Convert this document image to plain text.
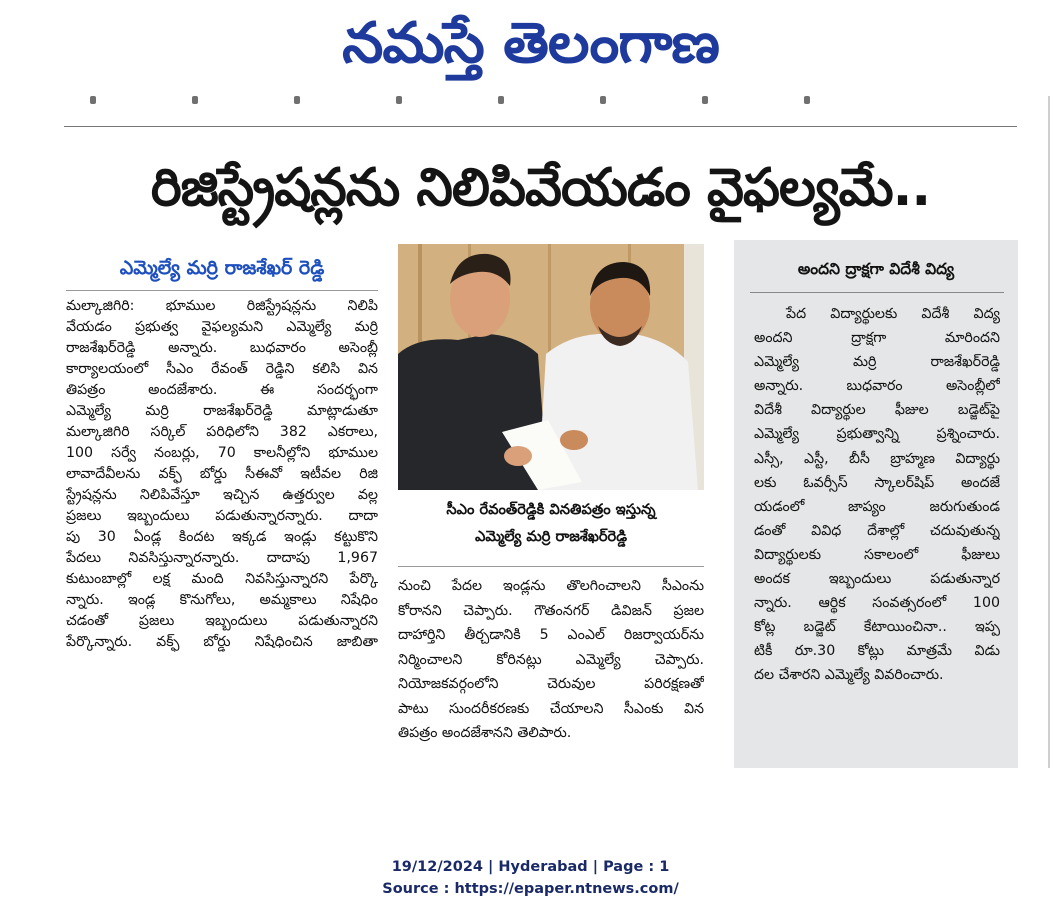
నమస్తే తెలంగాణ
రిజిస్ట్రేషన్లను నిలిపివేయడం వైఫల్యమే..
ఎమ్మెల్యే మర్రి రాజశేఖర్ రెడ్డి
మల్కాజిగిరి: భూముల రిజిస్ట్రేషన్లను నిలిపి
వేయడం ప్రభుత్వ వైఫల్యమని ఎమ్మెల్యే మర్రి
రాజశేఖర్‌రెడ్డి అన్నారు. బుధవారం అసెంబ్లీ
కార్యాలయంలో సీఎం రేవంత్ రెడ్డిని కలిసి విన
తిపత్రం అందజేశారు. ఈ సందర్భంగా
ఎమ్మెల్యే మర్రి రాజశేఖర్‌రెడ్డి మాట్లాడుతూ
మల్కాజిగిరి సర్కిల్ పరిధిలోని 382 ఎకరాలు,
100 సర్వే నంబర్లు, 70 కాలనీల్లోని భూముల
లావాదేవీలను వక్ఫ్ బోర్డు సీఈవో ఇటీవల రిజి
స్ట్రేషన్లను నిలిపివేస్తూ ఇచ్చిన ఉత్తర్వుల వల్ల
ప్రజలు ఇబ్బందులు పడుతున్నారన్నారు. దాదా
పు 30 ఏండ్ల కిందట ఇక్కడ ఇండ్లు కట్టుకొని
పేదలు నివసిస్తున్నారన్నారు. దాదాపు 1,967
కుటుంబాల్లో లక్ష మంది నివసిస్తున్నారని పేర్కొ
న్నారు. ఇండ్ల కొనుగోలు, అమ్మకాలు నిషేధిం
చడంతో ప్రజలు ఇబ్బందులు పడుతున్నారని
పేర్కొన్నారు. వక్ఫ్ బోర్డు నిషేధించిన జాబితా
సీఎం రేవంత్‌రెడ్డికి వినతిపత్రం ఇస్తున్న
ఎమ్మెల్యే మర్రి రాజశేఖర్‌రెడ్డి
నుంచి పేదల ఇండ్లను తొలగించాలని సీఎంను
కోరానని చెప్పారు. గౌతంనగర్ డివిజన్ ప్రజల
దాహార్తిని తీర్చడానికి 5 ఎంఎల్ రిజర్వాయర్‌ను
నిర్మించాలని కోరినట్లు ఎమ్మెల్యే చెప్పారు.
నియోజకవర్గంలోని చెరువుల పరిరక్షణతో
పాటు సుందరీకరణకు చేయాలని సీఎంకు విన
తిపత్రం అందజేశానని తెలిపారు.
అందని ద్రాక్షగా విదేశీ విద్య
పేద విద్యార్థులకు విదేశీ విద్య
అందని ద్రాక్షగా మారిందని
ఎమ్మెల్యే మర్రి రాజశేఖర్‌రెడ్డి
అన్నారు. బుధవారం అసెంబ్లీలో
విదేశీ విద్యార్థుల ఫీజుల బడ్జెట్‌పై
ఎమ్మెల్యే ప్రభుత్వాన్ని ప్రశ్నించారు.
ఎస్సీ, ఎస్టీ, బీసీ బ్రాహ్మణ విద్యార్థు
లకు ఓవర్సీస్ స్కాలర్‌షిప్ అందజే
యడంలో జాప్యం జరుగుతుండ
డంతో వివిధ దేశాల్లో చదువుతున్న
విద్యార్థులకు సకాలంలో ఫీజులు
అందక ఇబ్బందులు పడుతున్నార
న్నారు. ఆర్థిక సంవత్సరంలో 100
కోట్ల బడ్జెట్ కేటాయించినా.. ఇప్ప
టికీ రూ.30 కోట్లు మాత్రమే విడు
దల చేశారని ఎమ్మెల్యే వివరించారు.
19/12/2024 | Hyderabad | Page : 1
Source : https://epaper.ntnews.com/
